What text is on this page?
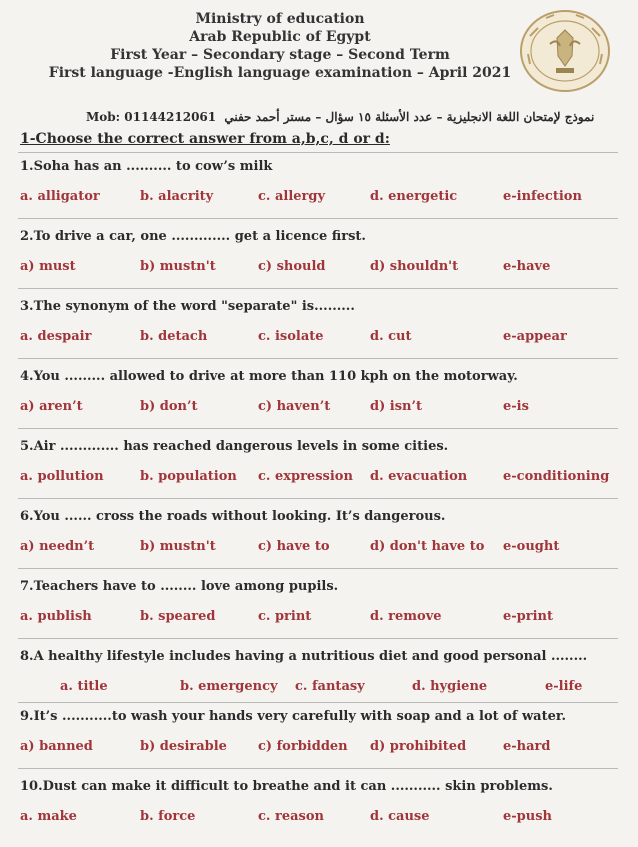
Ministry of education
Arab Republic of Egypt
First Year – Secondary stage – Second Term
First language -English language examination – April 2021
Mob: 01144212061 نموذج لإمتحان اللغة الانجليزية – عدد الأسئلة ١٥ سؤال – مستر أحمد حفني
1-Choose the correct answer from a,b,c, d or d:
1.Soha has an .......... to cow’s milk
a. alligator	b. alacrity	c. allergy	d. energetic	e-infection
2.To drive a car, one ............. get a licence first.
a) must	b) mustn't	c) should	d) shouldn't	e-have
3.The synonym of the word "separate" is.........
a. despair	b. detach	c. isolate	d. cut	e-appear
4.You ......... allowed to drive at more than 110 kph on the motorway.
a) aren’t	b) don’t	c) haven’t	d) isn’t	e-is
5.Air ............. has reached dangerous levels in some cities.
a. pollution	b. population c. expression d. evacuation	e-conditioning
6.You ...... cross the roads without looking. It’s dangerous.
a) needn’t	b) mustn't	c) have to	d) don't have to e-ought
7.Teachers have to ........ love among pupils.
a. publish	b. speared	c. print	d. remove	e-print
8.A healthy lifestyle includes having a nutritious diet and good personal ........
a. title	b. emergency c. fantasy	d. hygiene	e-life
9.It’s ...........to wash your hands very carefully with soap and a lot of water.
a) banned	b) desirable c) forbidden d) prohibited	e-hard
10.Dust can make it difficult to breathe and it can ........... skin problems.
a. make	b. force	c. reason	d. cause	e-push
